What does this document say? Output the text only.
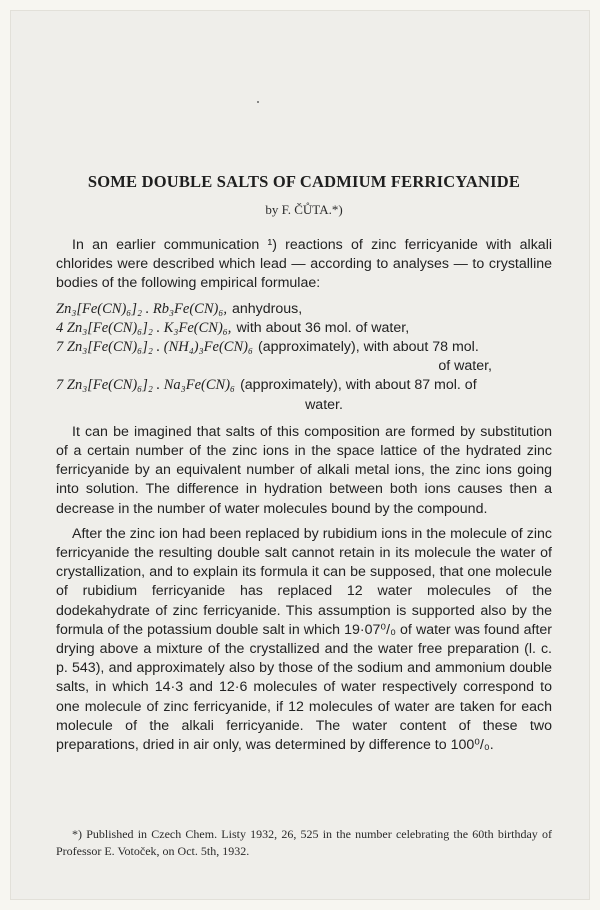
SOME DOUBLE SALTS OF CADMIUM FERRICYANIDE
by F. ČŮTA.*)

In an earlier communication ¹) reactions of zinc ferricyanide with alkali chlorides were described which lead — according to analyses — to crystalline bodies of the following empirical formulae:

Zn₃[Fe(CN)₆]₂ . Rb₃Fe(CN)₆, anhydrous,
4 Zn₃[Fe(CN)₆]₂ . K₃Fe(CN)₆, with about 36 mol. of water,
7 Zn₃[Fe(CN)₆]₂ . (NH₄)₃Fe(CN)₆ (approximately), with about 78 mol.
of water,
7 Zn₃[Fe(CN)₆]₂ . Na₃Fe(CN)₆ (approximately), with about 87 mol. of
water.

It can be imagined that salts of this composition are formed by substitution of a certain number of the zinc ions in the space lattice of the hydrated zinc ferricyanide by an equivalent number of alkali metal ions, the zinc ions going into solution. The difference in hydration between both ions causes then a decrease in the number of water molecules bound by the compound.

After the zinc ion had been replaced by rubidium ions in the molecule of zinc ferricyanide the resulting double salt cannot retain in its molecule the water of crystallization, and to explain its formula it can be supposed, that one molecule of rubidium ferricyanide has replaced 12 water molecules of the dodekahydrate of zinc ferricyanide. This assumption is supported also by the formula of the potassium double salt in which 19·07⁰/₀ of water was found after drying above a mixture of the crystallized and the water free preparation (l. c. p. 543), and approximately also by those of the sodium and ammonium double salts, in which 14·3 and 12·6 molecules of water respectively correspond to one molecule of zinc ferricyanide, if 12 molecules of water are taken for each molecule of the alkali ferricyanide. The water content of these two preparations, dried in air only, was determined by difference to 100⁰/₀.

*) Published in Czech Chem. Listy 1932, 26, 525 in the number celebrating the 60th birthday of Professor E. Votoček, on Oct. 5th, 1932.
